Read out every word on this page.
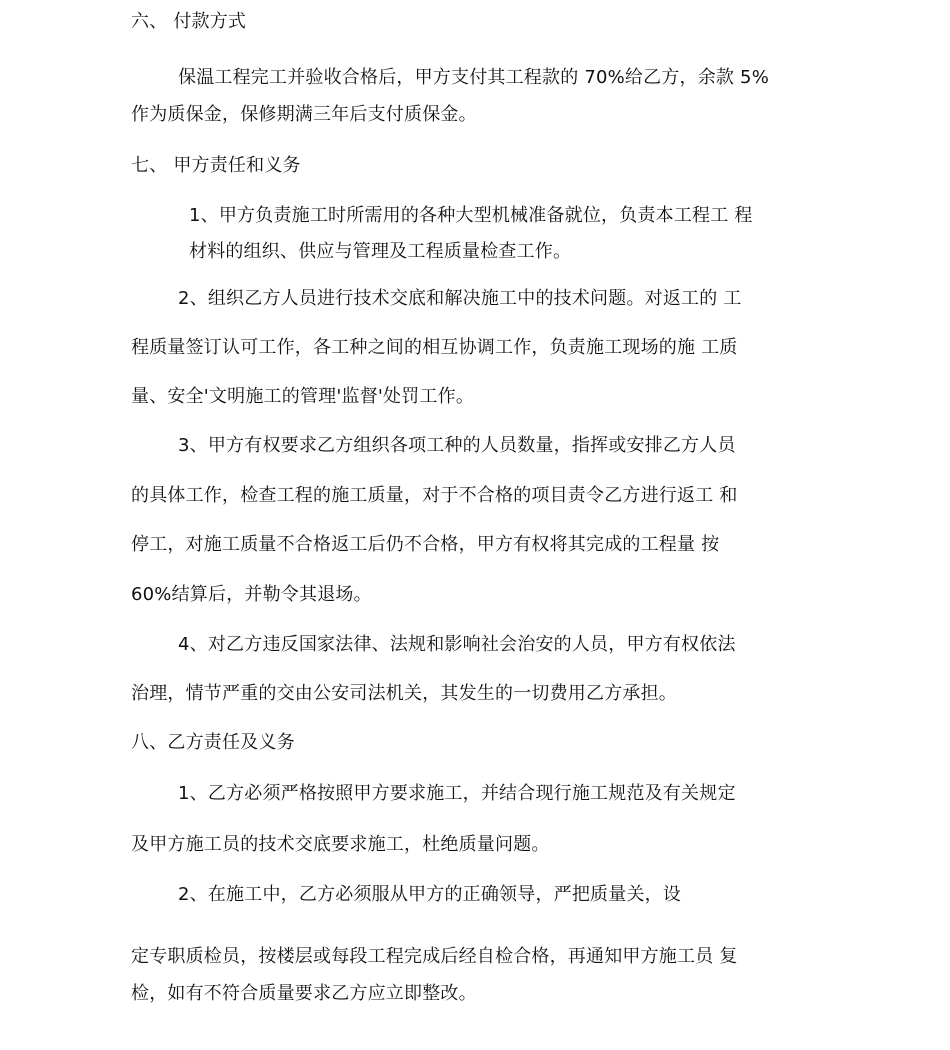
六、 付款方式
保温工程完工并验收合格后，甲方支付其工程款的 70%给乙方，余款 5%
作为质保金，保修期满三年后支付质保金。
七、 甲方责任和义务
1、甲方负责施工时所需用的各种大型机械准备就位，负责本工程工 程
材料的组织、供应与管理及工程质量检查工作。
2、组织乙方人员进行技术交底和解决施工中的技术问题。对返工的 工
程质量签订认可工作，各工种之间的相互协调工作，负责施工现场的施 工质
量、安全'文明施工的管理'监督'处罚工作。
3、甲方有权要求乙方组织各项工种的人员数量，指挥或安排乙方人员
的具体工作，检查工程的施工质量，对于不合格的项目责令乙方进行返工 和
停工，对施工质量不合格返工后仍不合格，甲方有权将其完成的工程量 按
60%结算后，并勒令其退场。
4、对乙方违反国家法律、法规和影响社会治安的人员，甲方有权依法
治理，情节严重的交由公安司法机关，其发生的一切费用乙方承担。
八、乙方责任及义务
1、乙方必须严格按照甲方要求施工，并结合现行施工规范及有关规定
及甲方施工员的技术交底要求施工，杜绝质量问题。
2、在施工中，乙方必须服从甲方的正确领导，严把质量关，设
定专职质检员，按楼层或每段工程完成后经自检合格，再通知甲方施工员 复
检，如有不符合质量要求乙方应立即整改。
